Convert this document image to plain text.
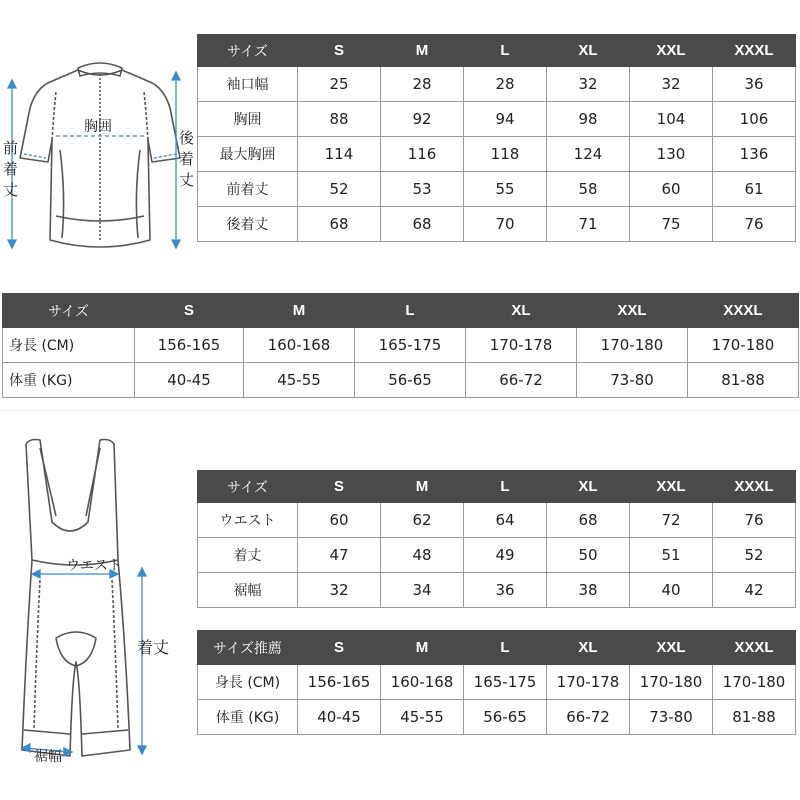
胸囲
前着丈	後着丈
サイズ	S	M	L	XL	XXL	XXXL
袖口幅	25	28	28	32	32	36
胸囲	88	92	94	98	104	106
最大胸囲	114	116	118	124	130	136
前着丈	52	53	55	58	60	61
後着丈	68	68	70	71	75	76
サイズ	S	M	L	XL	XXL	XXXL
身長 (CM)	156-165	160-168	165-175	170-178	170-180	170-180
体重 (KG)	40-45	45-55	56-65	66-72	73-80	81-88
ウエスト
着丈
裾幅
サイズ	S	M	L	XL	XXL	XXXL
ウエスト	60	62	64	68	72	76
着丈	47	48	49	50	51	52
裾幅	32	34	36	38	40	42
サイズ推薦	S	M	L	XL	XXL	XXXL
身長 (CM)	156-165	160-168	165-175	170-178	170-180	170-180
体重 (KG)	40-45	45-55	56-65	66-72	73-80	81-88
